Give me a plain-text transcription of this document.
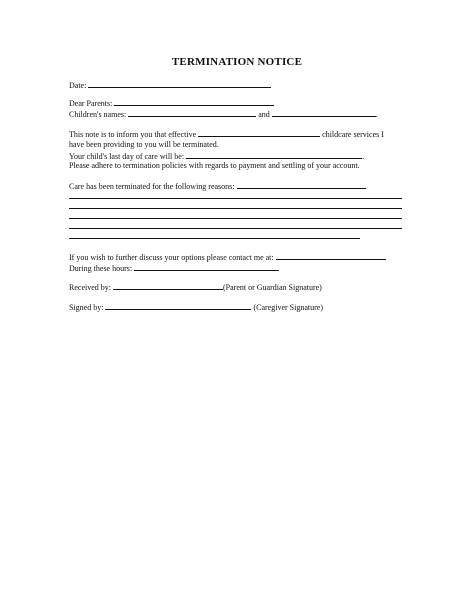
TERMINATION NOTICE
Date:
Dear Parents:
Children's names:	and	.
This note is to inform you that effective	childcare services I
have been providing to you will be terminated.
Your child's last day of care will be:	.
Please adhere to termination policies with regards to payment and settling of your account.
Care has been terminated for the following reasons:
If you wish to further discuss your options please contact me at:
During these hours:
Received by:	(Parent or Guardian Signature)
Signed by:	(Caregiver Signature)
